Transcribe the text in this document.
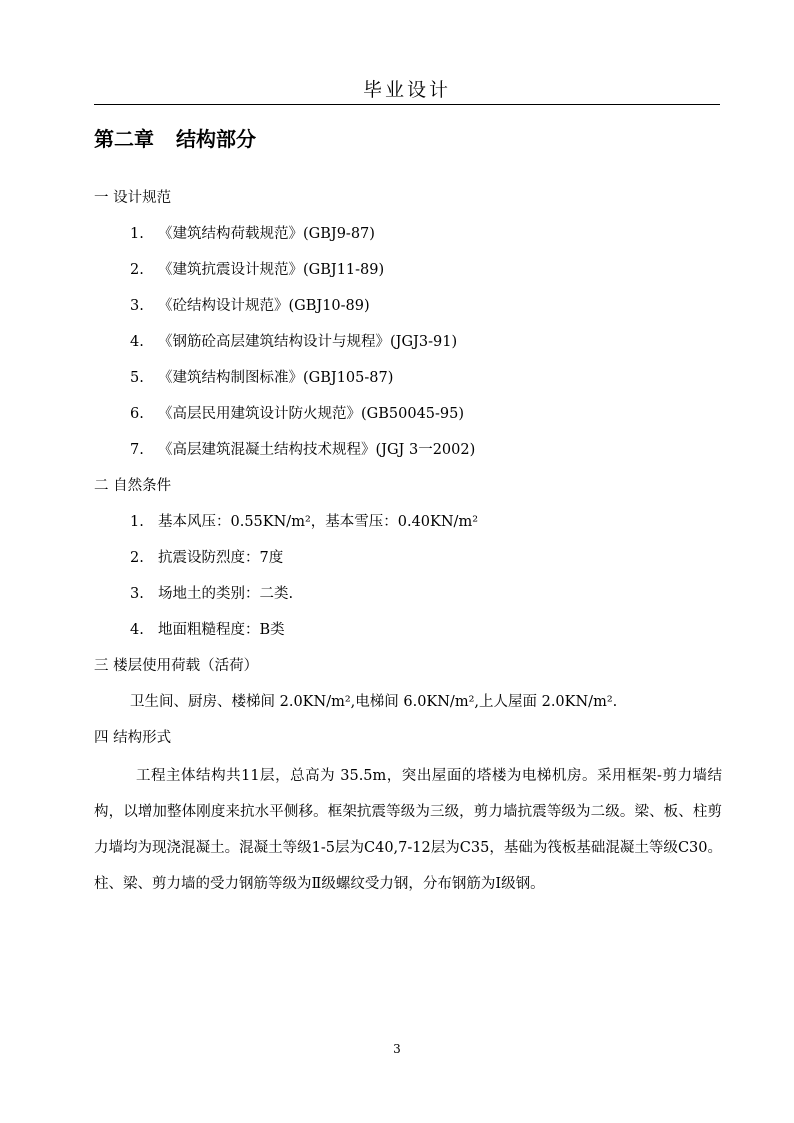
毕业设计
第二章 结构部分
一 设计规范
1. 《建筑结构荷载规范》(GBJ9-87)
2. 《建筑抗震设计规范》(GBJ11-89)
3. 《砼结构设计规范》(GBJ10-89)
4. 《钢筋砼高层建筑结构设计与规程》(JGJ3-91)
5. 《建筑结构制图标准》(GBJ105-87)
6. 《高层民用建筑设计防火规范》(GB50045-95)
7. 《高层建筑混凝土结构技术规程》(JGJ 3一2002)
二 自然条件
1. 基本风压：0.55KN/m²，基本雪压：0.40KN/m²
2. 抗震设防烈度：7度
3. 场地土的类别：二类.
4. 地面粗糙程度：B类
三 楼层使用荷载（活荷）
卫生间、厨房、楼梯间 2.0KN/m²,电梯间 6.0KN/m²,上人屋面 2.0KN/m².
四 结构形式

工程主体结构共11层，总高为 35.5m，突出屋面的塔楼为电梯机房。采用框架-剪力墙结构，以增加整体刚度来抗水平侧移。框架抗震等级为三级，剪力墙抗震等级为二级。梁、板、柱剪力墙均为现浇混凝土。混凝土等级1-5层为C40,7-12层为C35，基础为筏板基础混凝土等级C30。柱、梁、剪力墙的受力钢筋等级为Ⅱ级螺纹受力钢，分布钢筋为Ⅰ级钢。

3
